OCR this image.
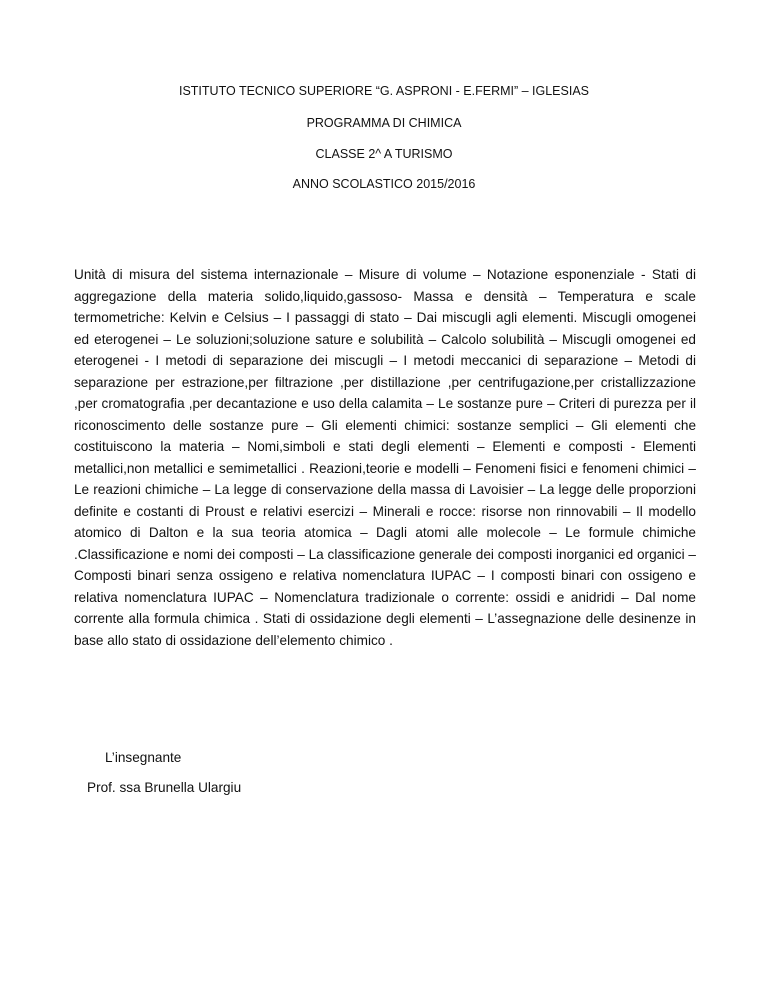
ISTITUTO TECNICO SUPERIORE “G. ASPRONI - E.FERMI” – IGLESIAS

PROGRAMMA DI CHIMICA

CLASSE 2^ A TURISMO

ANNO SCOLASTICO 2015/2016

Unità di misura del sistema internazionale – Misure di volume – Notazione esponenziale - Stati di aggregazione della materia solido,liquido,gassoso- Massa e densità – Temperatura e scale termometriche: Kelvin e Celsius – I passaggi di stato – Dai miscugli agli elementi. Miscugli omogenei ed eterogenei – Le soluzioni;soluzione sature e solubilità – Calcolo solubilità – Miscugli omogenei ed eterogenei - I metodi di separazione dei miscugli – I metodi meccanici di separazione – Metodi di separazione per estrazione,per filtrazione ,per distillazione ,per centrifugazione,per cristallizzazione ,per cromatografia ,per decantazione e uso della calamita – Le sostanze pure – Criteri di purezza per il riconoscimento delle sostanze pure – Gli elementi chimici: sostanze semplici – Gli elementi che costituiscono la materia – Nomi,simboli e stati degli elementi – Elementi e composti - Elementi metallici,non metallici e semimetallici . Reazioni,teorie e modelli – Fenomeni fisici e fenomeni chimici – Le reazioni chimiche – La legge di conservazione della massa di Lavoisier – La legge delle proporzioni definite e costanti di Proust e relativi esercizi – Minerali e rocce: risorse non rinnovabili – Il modello atomico di Dalton e la sua teoria atomica – Dagli atomi alle molecole – Le formule chimiche .Classificazione e nomi dei composti – La classificazione generale dei composti inorganici ed organici – Composti binari senza ossigeno e relativa nomenclatura IUPAC – I composti binari con ossigeno e relativa nomenclatura IUPAC – Nomenclatura tradizionale o corrente: ossidi e anidridi – Dal nome corrente alla formula chimica . Stati di ossidazione degli elementi – L’assegnazione delle desinenze in base allo stato di ossidazione dell’elemento chimico .

L’insegnante

Prof. ssa Brunella Ulargiu
